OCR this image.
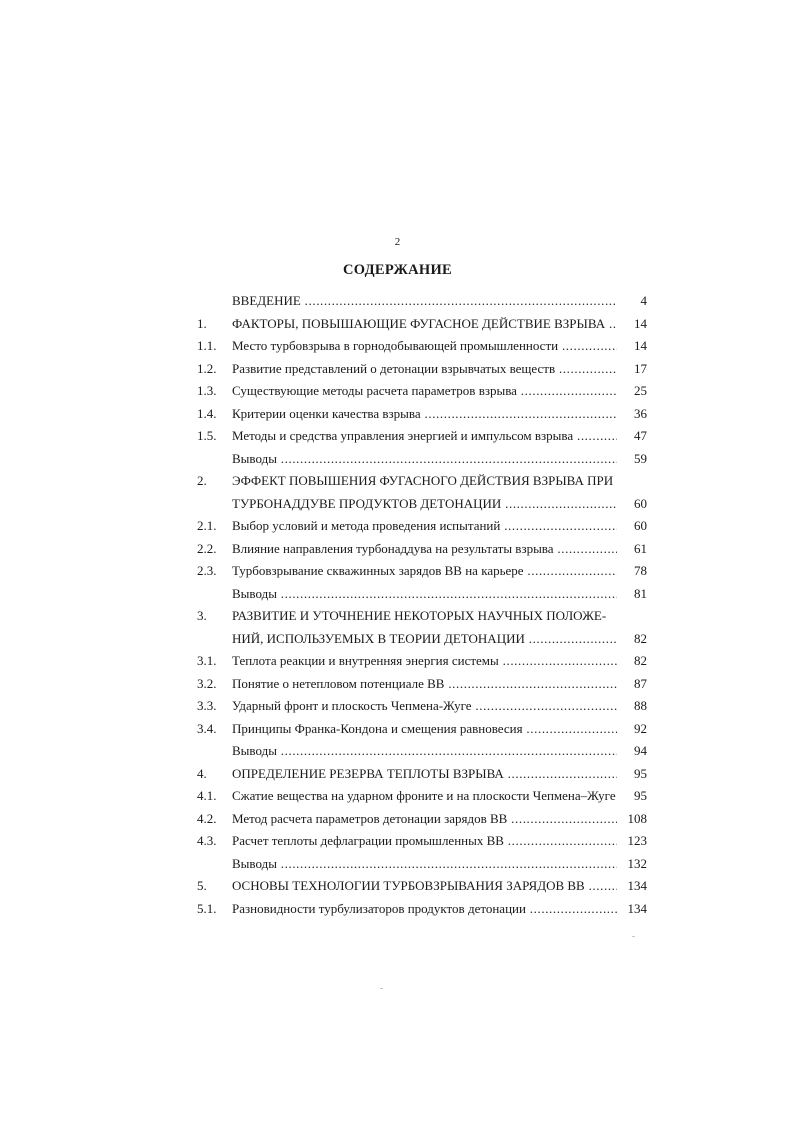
2
СОДЕРЖАНИЕ
ВВЕДЕНИЕ .....	4
1.	ФАКТОРЫ, ПОВЫШАЮЩИЕ ФУГАСНОЕ ДЕЙСТВИЕ ВЗРЫВА .....	14
1.1.	Место турбовзрыва в горнодобывающей промышленности .....	14
1.2.	Развитие представлений о детонации взрывчатых веществ .....	17
1.3.	Существующие методы расчета параметров взрыва .....	25
1.4.	Критерии оценки качества взрыва .....	36
1.5.	Методы и средства управления энергией и импульсом взрыва .....	47
Выводы .....	59
2.	ЭФФЕКТ ПОВЫШЕНИЯ ФУГАСНОГО ДЕЙСТВИЯ ВЗРЫВА ПРИ
ТУРБОНАДДУВЕ ПРОДУКТОВ ДЕТОНАЦИИ .....	60
2.1.	Выбор условий и метода проведения испытаний .....	60
2.2.	Влияние направления турбонаддува на результаты взрыва .....	61
2.3.	Турбовзрывание скважинных зарядов ВВ на карьере .....	78
Выводы .....	81
3.	РАЗВИТИЕ И УТОЧНЕНИЕ НЕКОТОРЫХ НАУЧНЫХ ПОЛОЖЕ-
НИЙ, ИСПОЛЬЗУЕМЫХ В ТЕОРИИ ДЕТОНАЦИИ .....	82
3.1.	Теплота реакции и внутренняя энергия системы .....	82
3.2.	Понятие о нетепловом потенциале ВВ .....	87
3.3.	Ударный фронт и плоскость Чепмена-Жуге .....	88
3.4.	Принципы Франка-Кондона и смещения равновесия .....	92
Выводы .....	94
4.	ОПРЕДЕЛЕНИЕ РЕЗЕРВА ТЕПЛОТЫ ВЗРЫВА .....	95
4.1.	Сжатие вещества на ударном фроните и на плоскости Чепмена–Жуге .....	95
4.2.	Метод расчета параметров детонации зарядов ВВ .....	108
4.3.	Расчет теплоты дефлаграции промышленных ВВ .....	123
Выводы .....	132
5.	ОСНОВЫ ТЕХНОЛОГИИ ТУРБОВЗРЫВАНИЯ ЗАРЯДОВ ВВ .....	134
5.1.	Разновидности турбулизаторов продуктов детонации .....	134
